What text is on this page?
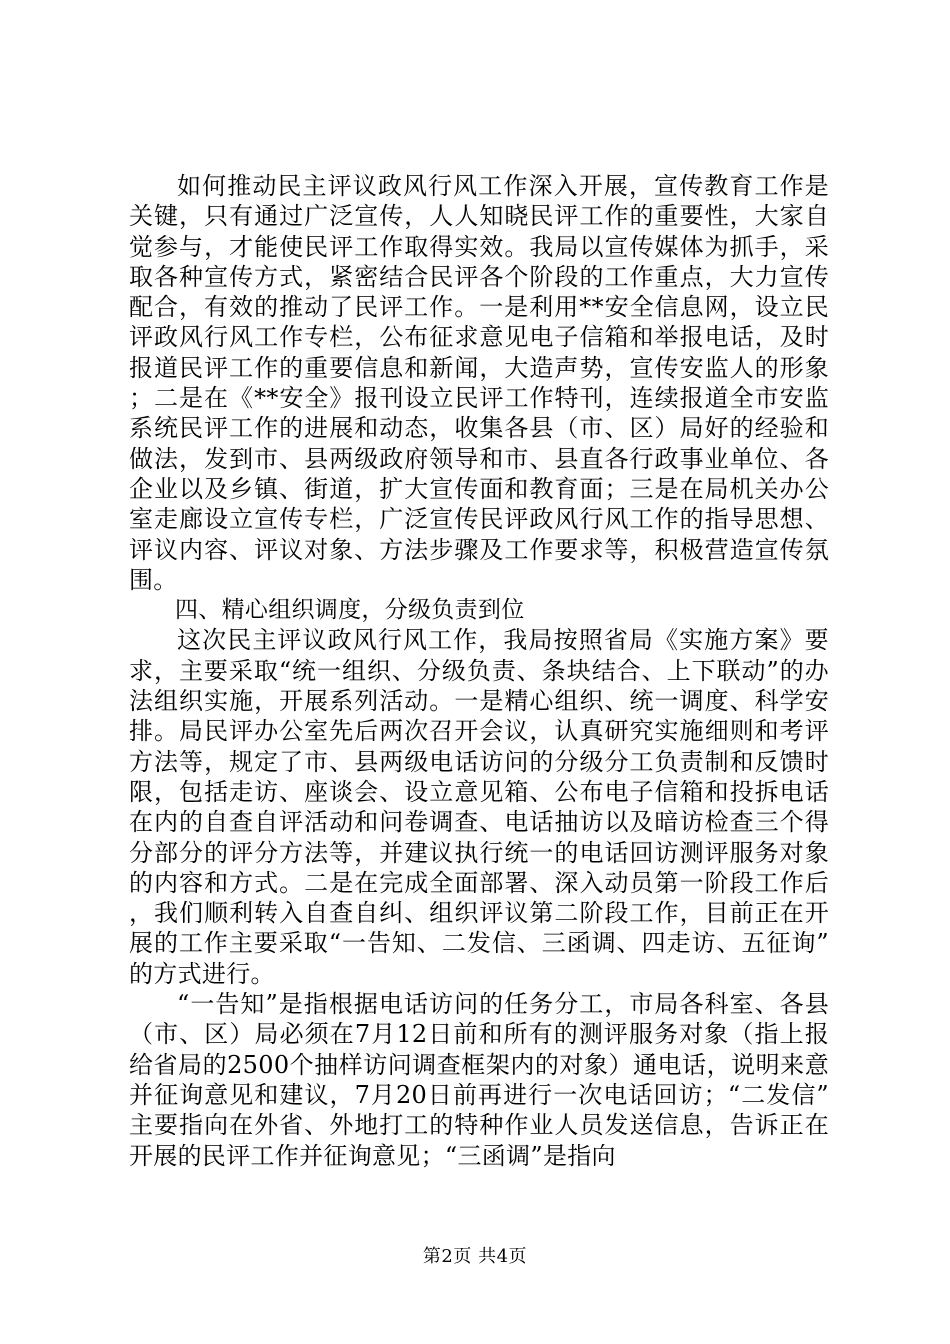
如何推动民主评议政风行风工作深入开展，宣传教育工作是关键，只有通过广泛宣传，人人知晓民评工作的重要性，大家自觉参与，才能使民评工作取得实效。我局以宣传媒体为抓手，采取各种宣传方式，紧密结合民评各个阶段的工作重点，大力宣传配合，有效的推动了民评工作。一是利用**安全信息网，设立民评政风行风工作专栏，公布征求意见电子信箱和举报电话，及时报道民评工作的重要信息和新闻，大造声势，宣传安监人的形象；二是在《**安全》报刊设立民评工作特刊，连续报道全市安监系统民评工作的进展和动态，收集各县（市、区）局好的经验和做法，发到市、县两级政府领导和市、县直各行政事业单位、各企业以及乡镇、街道，扩大宣传面和教育面；三是在局机关办公室走廊设立宣传专栏，广泛宣传民评政风行风工作的指导思想、评议内容、评议对象、方法步骤及工作要求等，积极营造宣传氛围。

四、精心组织调度，分级负责到位

这次民主评议政风行风工作，我局按照省局《实施方案》要求，主要采取“统一组织、分级负责、条块结合、上下联动”的办法组织实施，开展系列活动。一是精心组织、统一调度、科学安排。局民评办公室先后两次召开会议，认真研究实施细则和考评方法等，规定了市、县两级电话访问的分级分工负责制和反馈时限，包括走访、座谈会、设立意见箱、公布电子信箱和投拆电话在内的自查自评活动和问卷调查、电话抽访以及暗访检查三个得分部分的评分方法等，并建议执行统一的电话回访测评服务对象的内容和方式。二是在完成全面部署、深入动员第一阶段工作后，我们顺利转入自查自纠、组织评议第二阶段工作，目前正在开展的工作主要采取“一告知、二发信、三函调、四走访、五征询”的方式进行。

“一告知”是指根据电话访问的任务分工，市局各科室、各县（市、区）局必须在7月12日前和所有的测评服务对象（指上报给省局的2500个抽样访问调查框架内的对象）通电话，说明来意并征询意见和建议，7月20日前再进行一次电话回访；“二发信”主要指向在外省、外地打工的特种作业人员发送信息，告诉正在开展的民评工作并征询意见；“三函调”是指向

第2页 共4页
